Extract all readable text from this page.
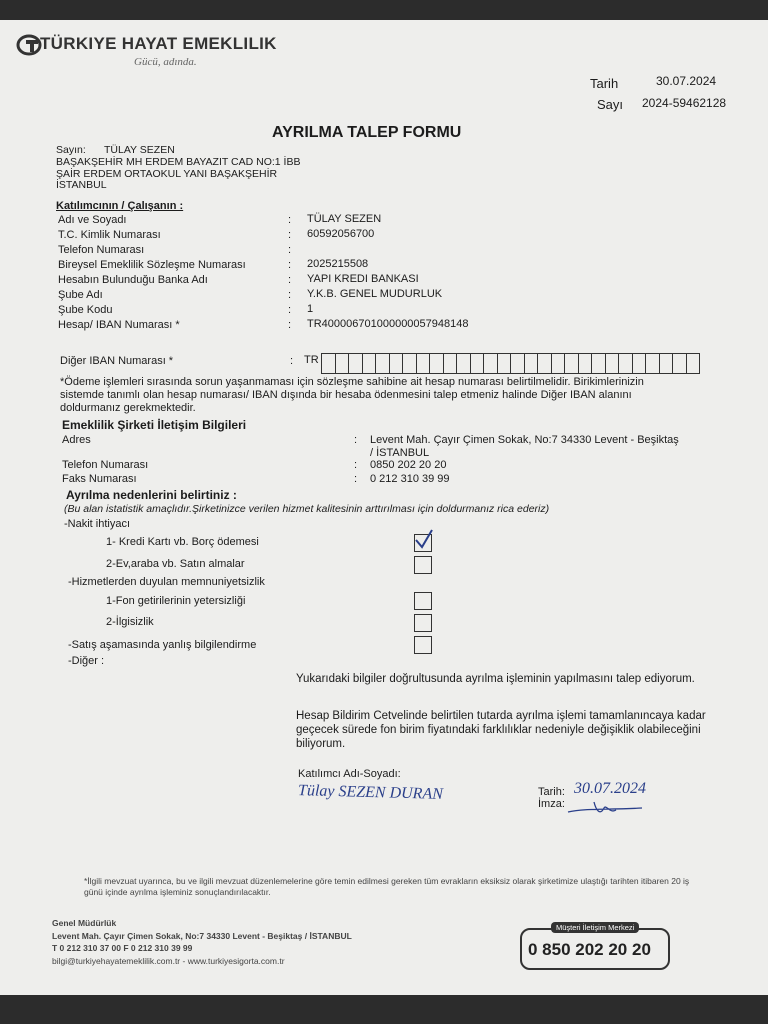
TÜRKIYE HAYAT EMEKLILIK
Gücü, adında.
Tarih	30.07.2024
Sayı 2024-59462128
AYRILMA TALEP FORMU
Sayın: TÜLAY SEZEN
BAŞAKŞEHİR MH ERDEM BAYAZIT CAD NO:1 İBB
ŞAİR ERDEM ORTAOKUL YANI BAŞAKŞEHİR
İSTANBUL
Katılımcının / Çalışanın :
Adı ve Soyadı	: TÜLAY SEZEN
T.C. Kimlik Numarası	: 60592056700
Telefon Numarası	:
Bireysel Emeklilik Sözleşme Numarası	: 2025215508
Hesabın Bulunduğu Banka Adı	: YAPI KREDI BANKASI
Şube Adı	: Y.K.B. GENEL MUDURLUK
Şube Kodu	: 1
Hesap/ IBAN Numarası *	: TR400006701000000057948148
Diğer IBAN Numarası *	: TR
*Ödeme işlemleri sırasında sorun yaşanmaması için sözleşme sahibine ait hesap numarası belirtilmelidir. Birikimlerinizin sistemde tanımlı olan hesap numarası/ IBAN dışında bir hesaba ödenmesini talep etmeniz halinde Diğer IBAN alanını doldurmanız gerekmektedir.
Emeklilik Şirketi İletişim Bilgileri
Adres	: Levent Mah. Çayır Çimen Sokak, No:7 34330 Levent - Beşiktaş
/ İSTANBUL
Telefon Numarası	: 0850 202 20 20
Faks Numarası	: 0 212 310 39 99
Ayrılma nedenlerini belirtiniz :
(Bu alan istatistik amaçlıdır.Şirketinizce verilen hizmet kalitesinin arttırılması için doldurmanız rica ederiz)
-Nakit ihtiyacı
1- Kredi Kartı vb. Borç ödemesi
2-Ev,araba vb. Satın almalar
-Hizmetlerden duyulan memnuniyetsizlik
1-Fon getirilerinin yetersizliği
2-İlgisizlik
-Satış aşamasında yanlış bilgilendirme
-Diğer :
Yukarıdaki bilgiler doğrultusunda ayrılma işleminin yapılmasını talep ediyorum.
Hesap Bildirim Cetvelinde belirtilen tutarda ayrılma işlemi tamamlanıncaya kadar geçecek sürede fon birim fiyatındaki farklılıklar nedeniyle değişiklik olabileceğini biliyorum.
Katılımcı Adı-Soyadı:
Tülay SEZEN DURAN	Tarih: 30.07.2024
İmza:
*İlgili mevzuat uyarınca, bu ve ilgili mevzuat düzenlemelerine göre temin edilmesi gereken tüm evrakların eksiksiz olarak şirketimize ulaştığı tarihten itibaren 20 iş günü içinde ayrılma işleminiz sonuçlandırılacaktır.
Genel Müdürlük
Levent Mah. Çayır Çimen Sokak, No:7 34330 Levent - Beşiktaş / İSTANBUL
T 0 212 310 37 00 F 0 212 310 39 99
bilgi@turkiyehayatemeklilik.com.tr - www.turkiyesigorta.com.tr
Müşteri İletişim Merkezi
0 850 202 20 20
